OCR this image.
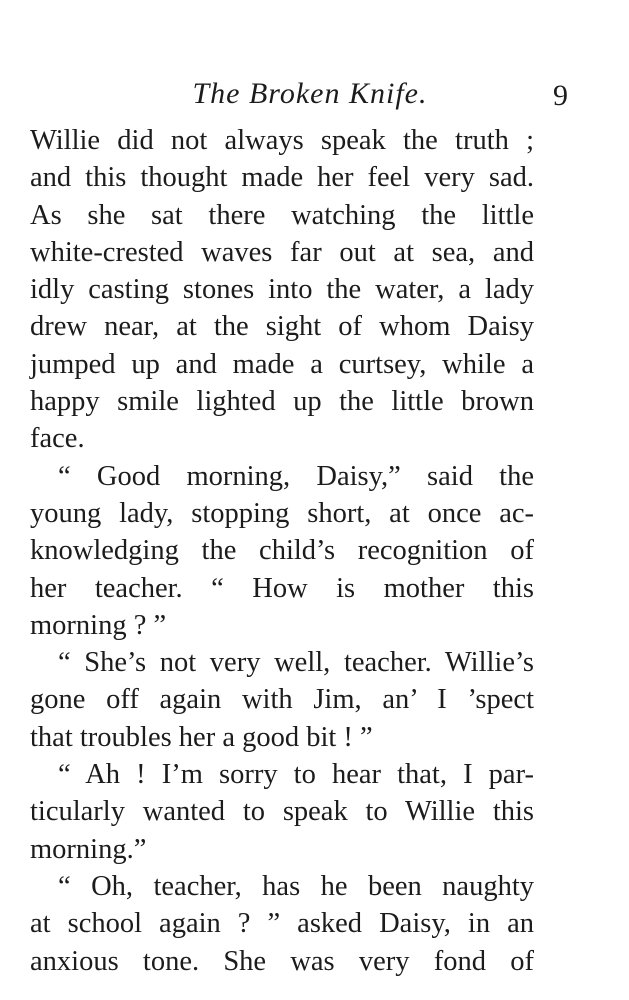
The Broken Knife.	9
Willie did not always speak the truth ;
and this thought made her feel very sad.
As she sat there watching the little
white-crested waves far out at sea, and
idly casting stones into the water, a lady
drew near, at the sight of whom Daisy
jumped up and made a curtsey, while a
happy smile lighted up the little brown
face.
“ Good morning, Daisy,” said the
young lady, stopping short, at once ac-
knowledging the child’s recognition of
her teacher. “ How is mother this
morning ? ”
“ She’s not very well, teacher. Willie’s
gone off again with Jim, an’ I ’spect
that troubles her a good bit ! ”
“ Ah ! I’m sorry to hear that, I par-
ticularly wanted to speak to Willie this
morning.”
“ Oh, teacher, has he been naughty
at school again ? ” asked Daisy, in an
anxious tone. She was very fond of
